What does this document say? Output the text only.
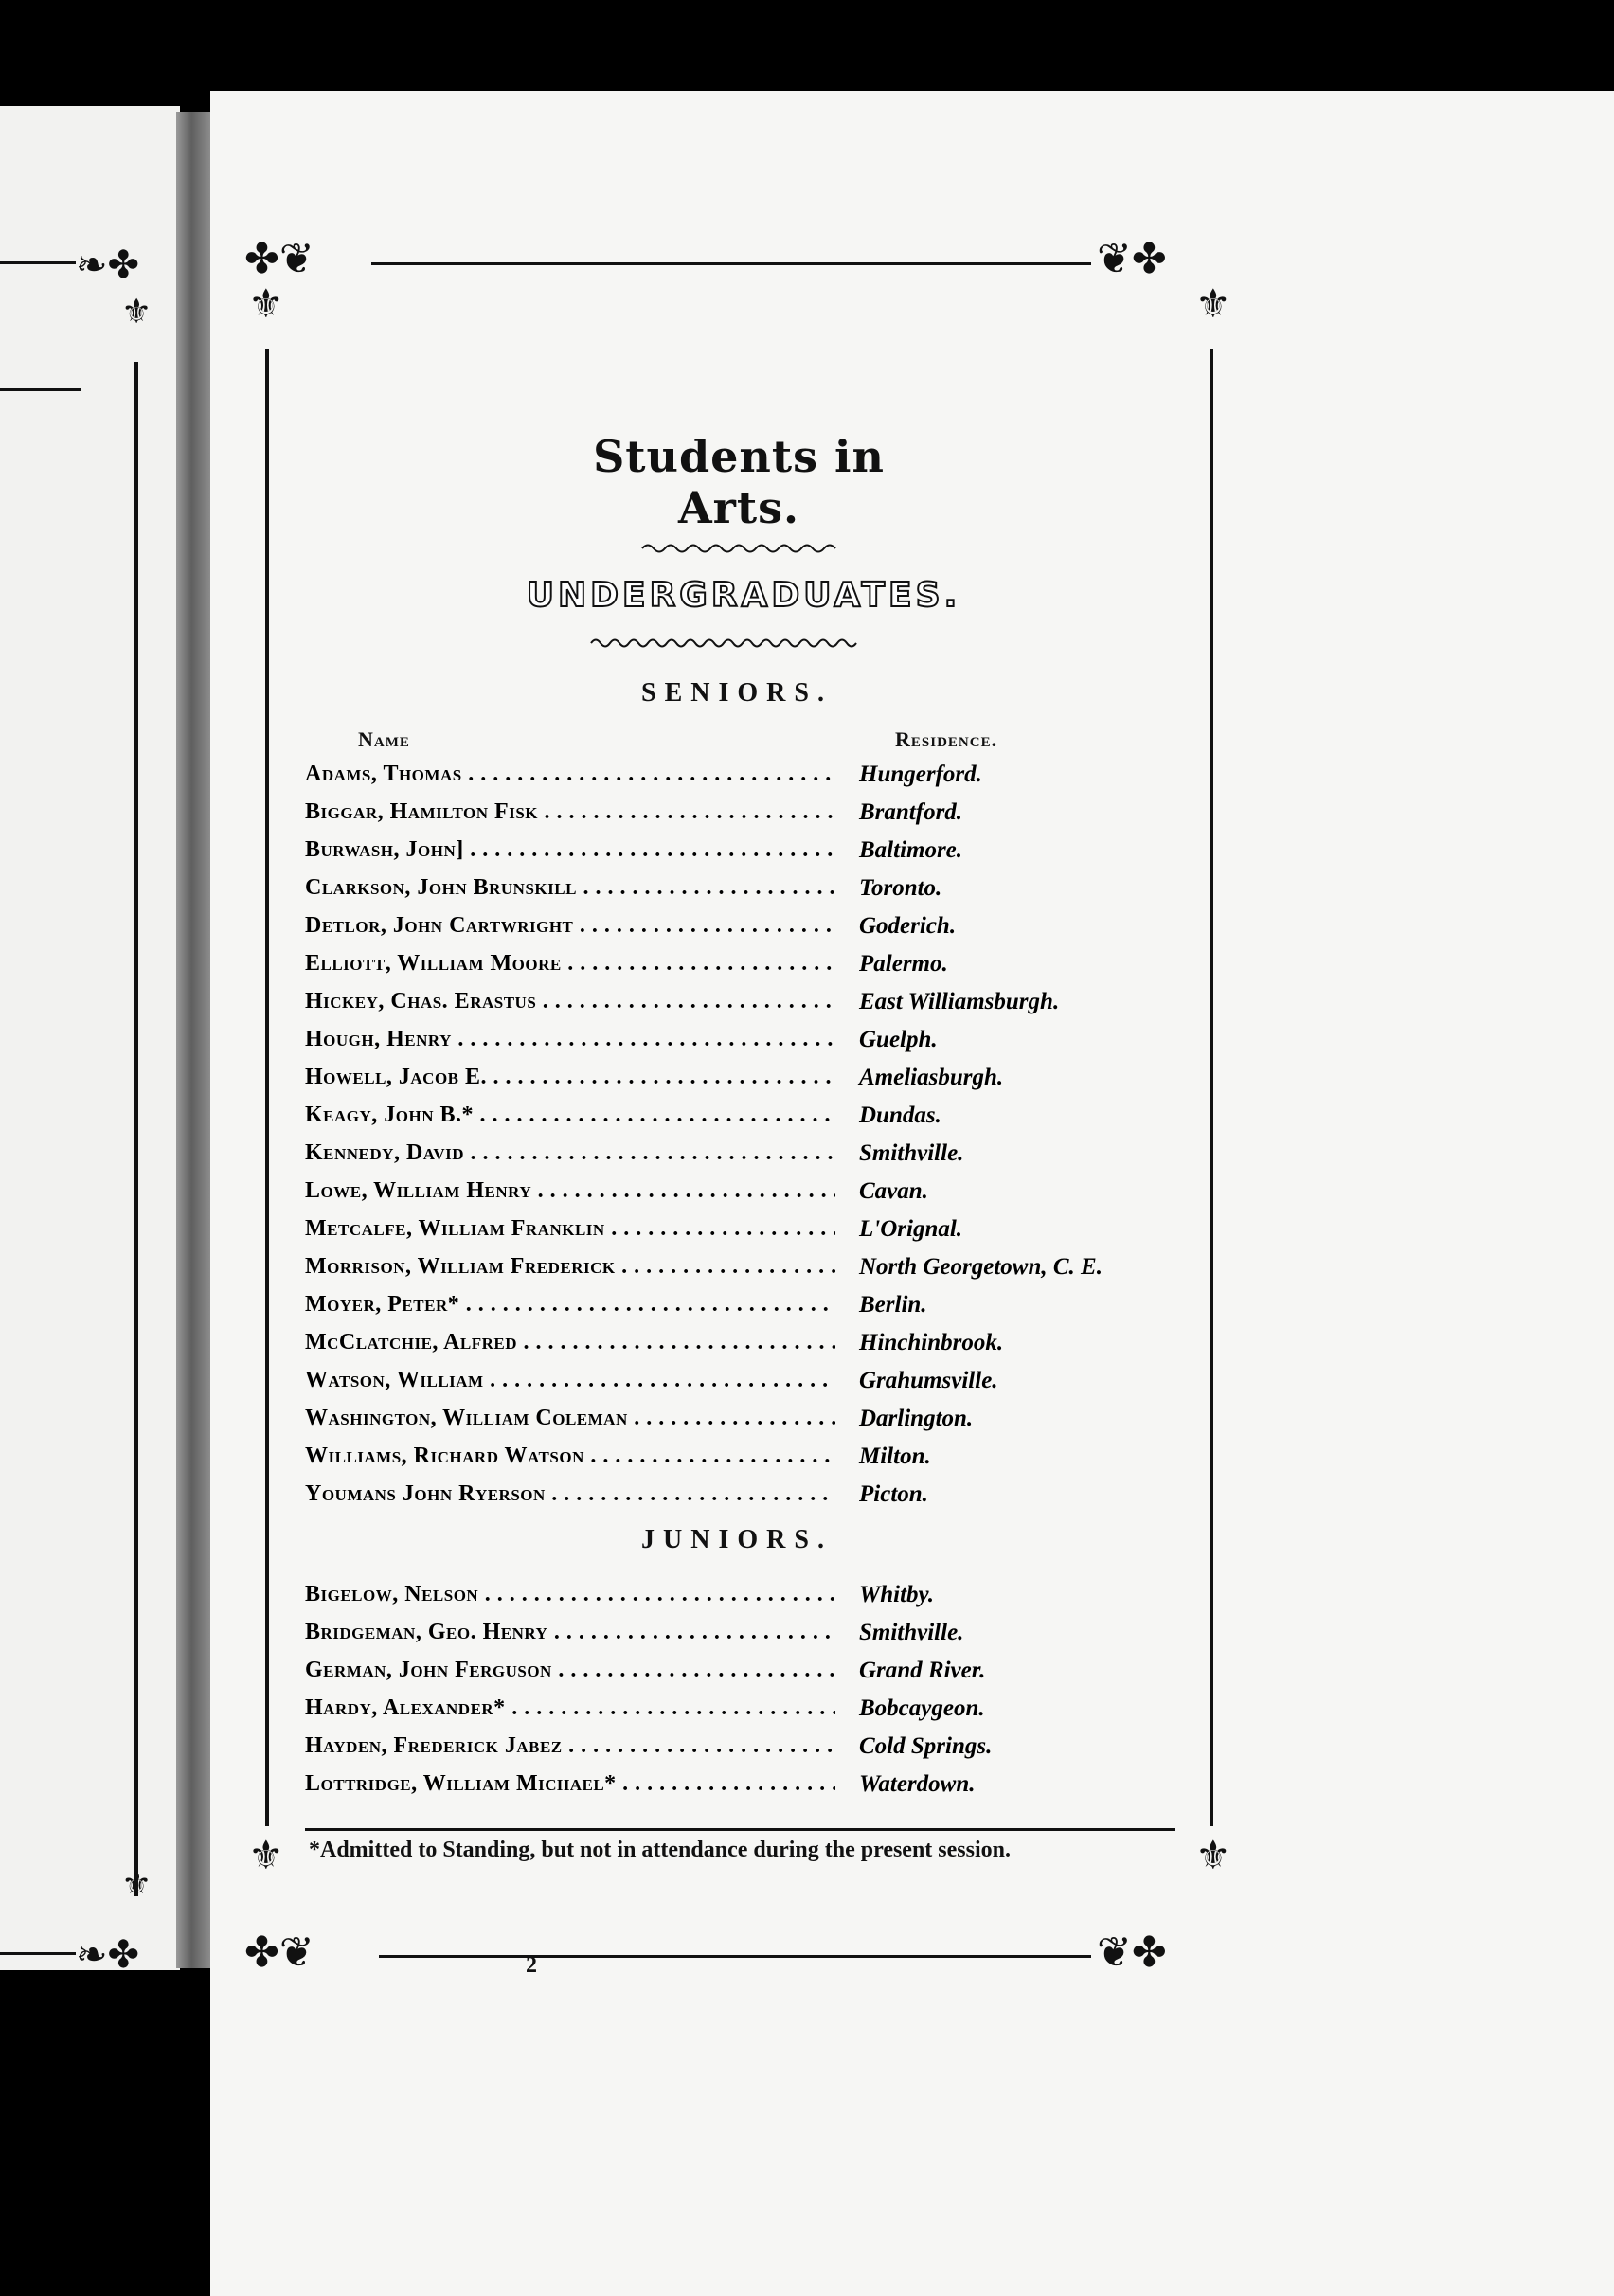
❧✤
❧✤
⚜
⚜
✤❦	❦✤
✤❦	❦✤
⚜	⚜
⚜	⚜
Students in Arts.
UNDERGRADUATES.
SENIORS.
Name	Residence.
Adams, Thomas . . .	Hungerford.
Biggar, Hamilton Fisk . . .	Brantford.
Burwash, John] . . .	Baltimore.
Clarkson, John Brunskill . . .	Toronto.
Detlor, John Cartwright . . .	Goderich.
Elliott, William Moore . . .	Palermo.
Hickey, Chas. Erastus . . .	East Williamsburgh.
Hough, Henry . . .	Guelph.
Howell, Jacob E. . . .	Ameliasburgh.
Keagy, John B.* . . .	Dundas.
Kennedy, David . . .	Smithville.
Lowe, William Henry . . .	Cavan.
Metcalfe, William Franklin . . .	L'Orignal.
Morrison, William Frederick . . .	North Georgetown, C. E.
Moyer, Peter* . . .	Berlin.
McClatchie, Alfred . . .	Hinchinbrook.
Watson, William . . .	Grahumsville.
Washington, William Coleman . . .	Darlington.
Williams, Richard Watson . . .	Milton.
Youmans John Ryerson . . .	Picton.
JUNIORS.
Bigelow, Nelson . . .	Whitby.
Bridgeman, Geo. Henry . . .	Smithville.
German, John Ferguson . . .	Grand River.
Hardy, Alexander* . . .	Bobcaygeon.
Hayden, Frederick Jabez . . .	Cold Springs.
Lottridge, William Michael* . . .	Waterdown.

*Admitted to Standing, but not in attendance during the present session.

2
